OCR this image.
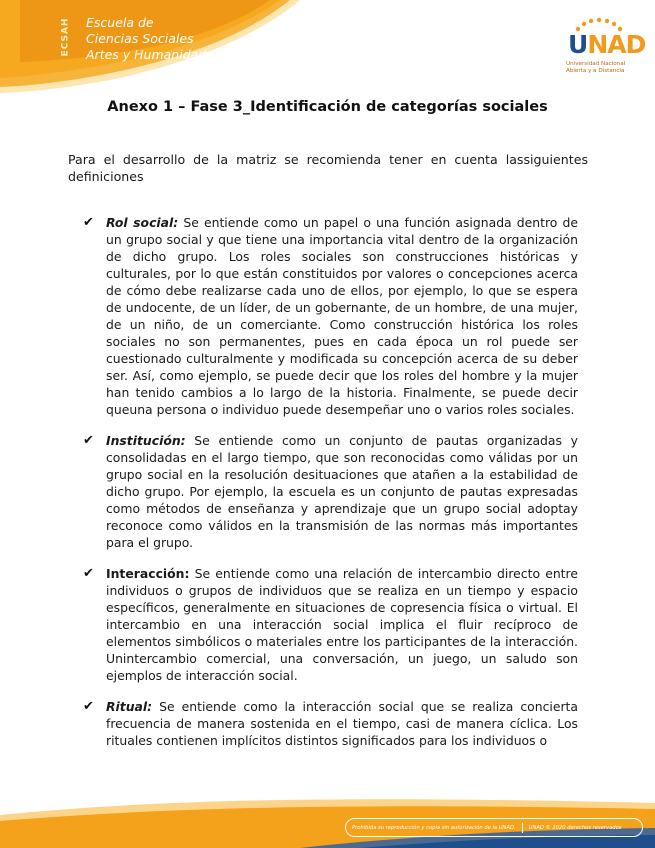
ECSAH Escuela de
Ciencias Sociales
Artes y Humanidades	UNAD
Universidad Nacional
Abierta y a Distancia
Anexo 1 – Fase 3_Identificación de categorías sociales

Para el desarrollo de la matriz se recomienda tener en cuenta lassiguientes definiciones

✔ Rol social: Se entiende como un papel o una función asignada dentro de un grupo social y que tiene una importancia vital dentro de la organización de dicho grupo. Los roles sociales son construcciones históricas y culturales, por lo que están constituidos por valores o concepciones acerca de cómo debe realizarse cada uno de ellos, por ejemplo, lo que se espera de undocente, de un líder, de un gobernante, de un hombre, de una mujer, de un niño, de un comerciante. Como construcción histórica los roles sociales no son permanentes, pues en cada época un rol puede ser cuestionado culturalmente y modificada su concepción acerca de su deber ser. Así, como ejemplo, se puede decir que los roles del hombre y la mujer han tenido cambios a lo largo de la historia. Finalmente, se puede decir queuna persona o individuo puede desempeñar uno o varios roles sociales.
✔ Institución: Se entiende como un conjunto de pautas organizadas y consolidadas en el largo tiempo, que son reconocidas como válidas por un grupo social en la resolución desituaciones que atañen a la estabilidad de dicho grupo. Por ejemplo, la escuela es un conjunto de pautas expresadas como métodos de enseñanza y aprendizaje que un grupo social adoptay reconoce como válidos en la transmisión de las normas más importantes para el grupo.
✔ Interacción: Se entiende como una relación de intercambio directo entre individuos o grupos de individuos que se realiza en un tiempo y espacio específicos, generalmente en situaciones de copresencia física o virtual. El intercambio en una interacción social implica el fluir recíproco de elementos simbólicos o materiales entre los participantes de la interacción. Unintercambio comercial, una conversación, un juego, un saludo son ejemplos de interacción social.
✔ Ritual: Se entiende como la interacción social que se realiza concierta frecuencia de manera sostenida en el tiempo, casi de manera cíclica. Los rituales contienen implícitos distintos significados para los individuos o
Prohibida su reproducción y copia sin autorización de la UNAD.	UNAD © 2020 derechos reservados
